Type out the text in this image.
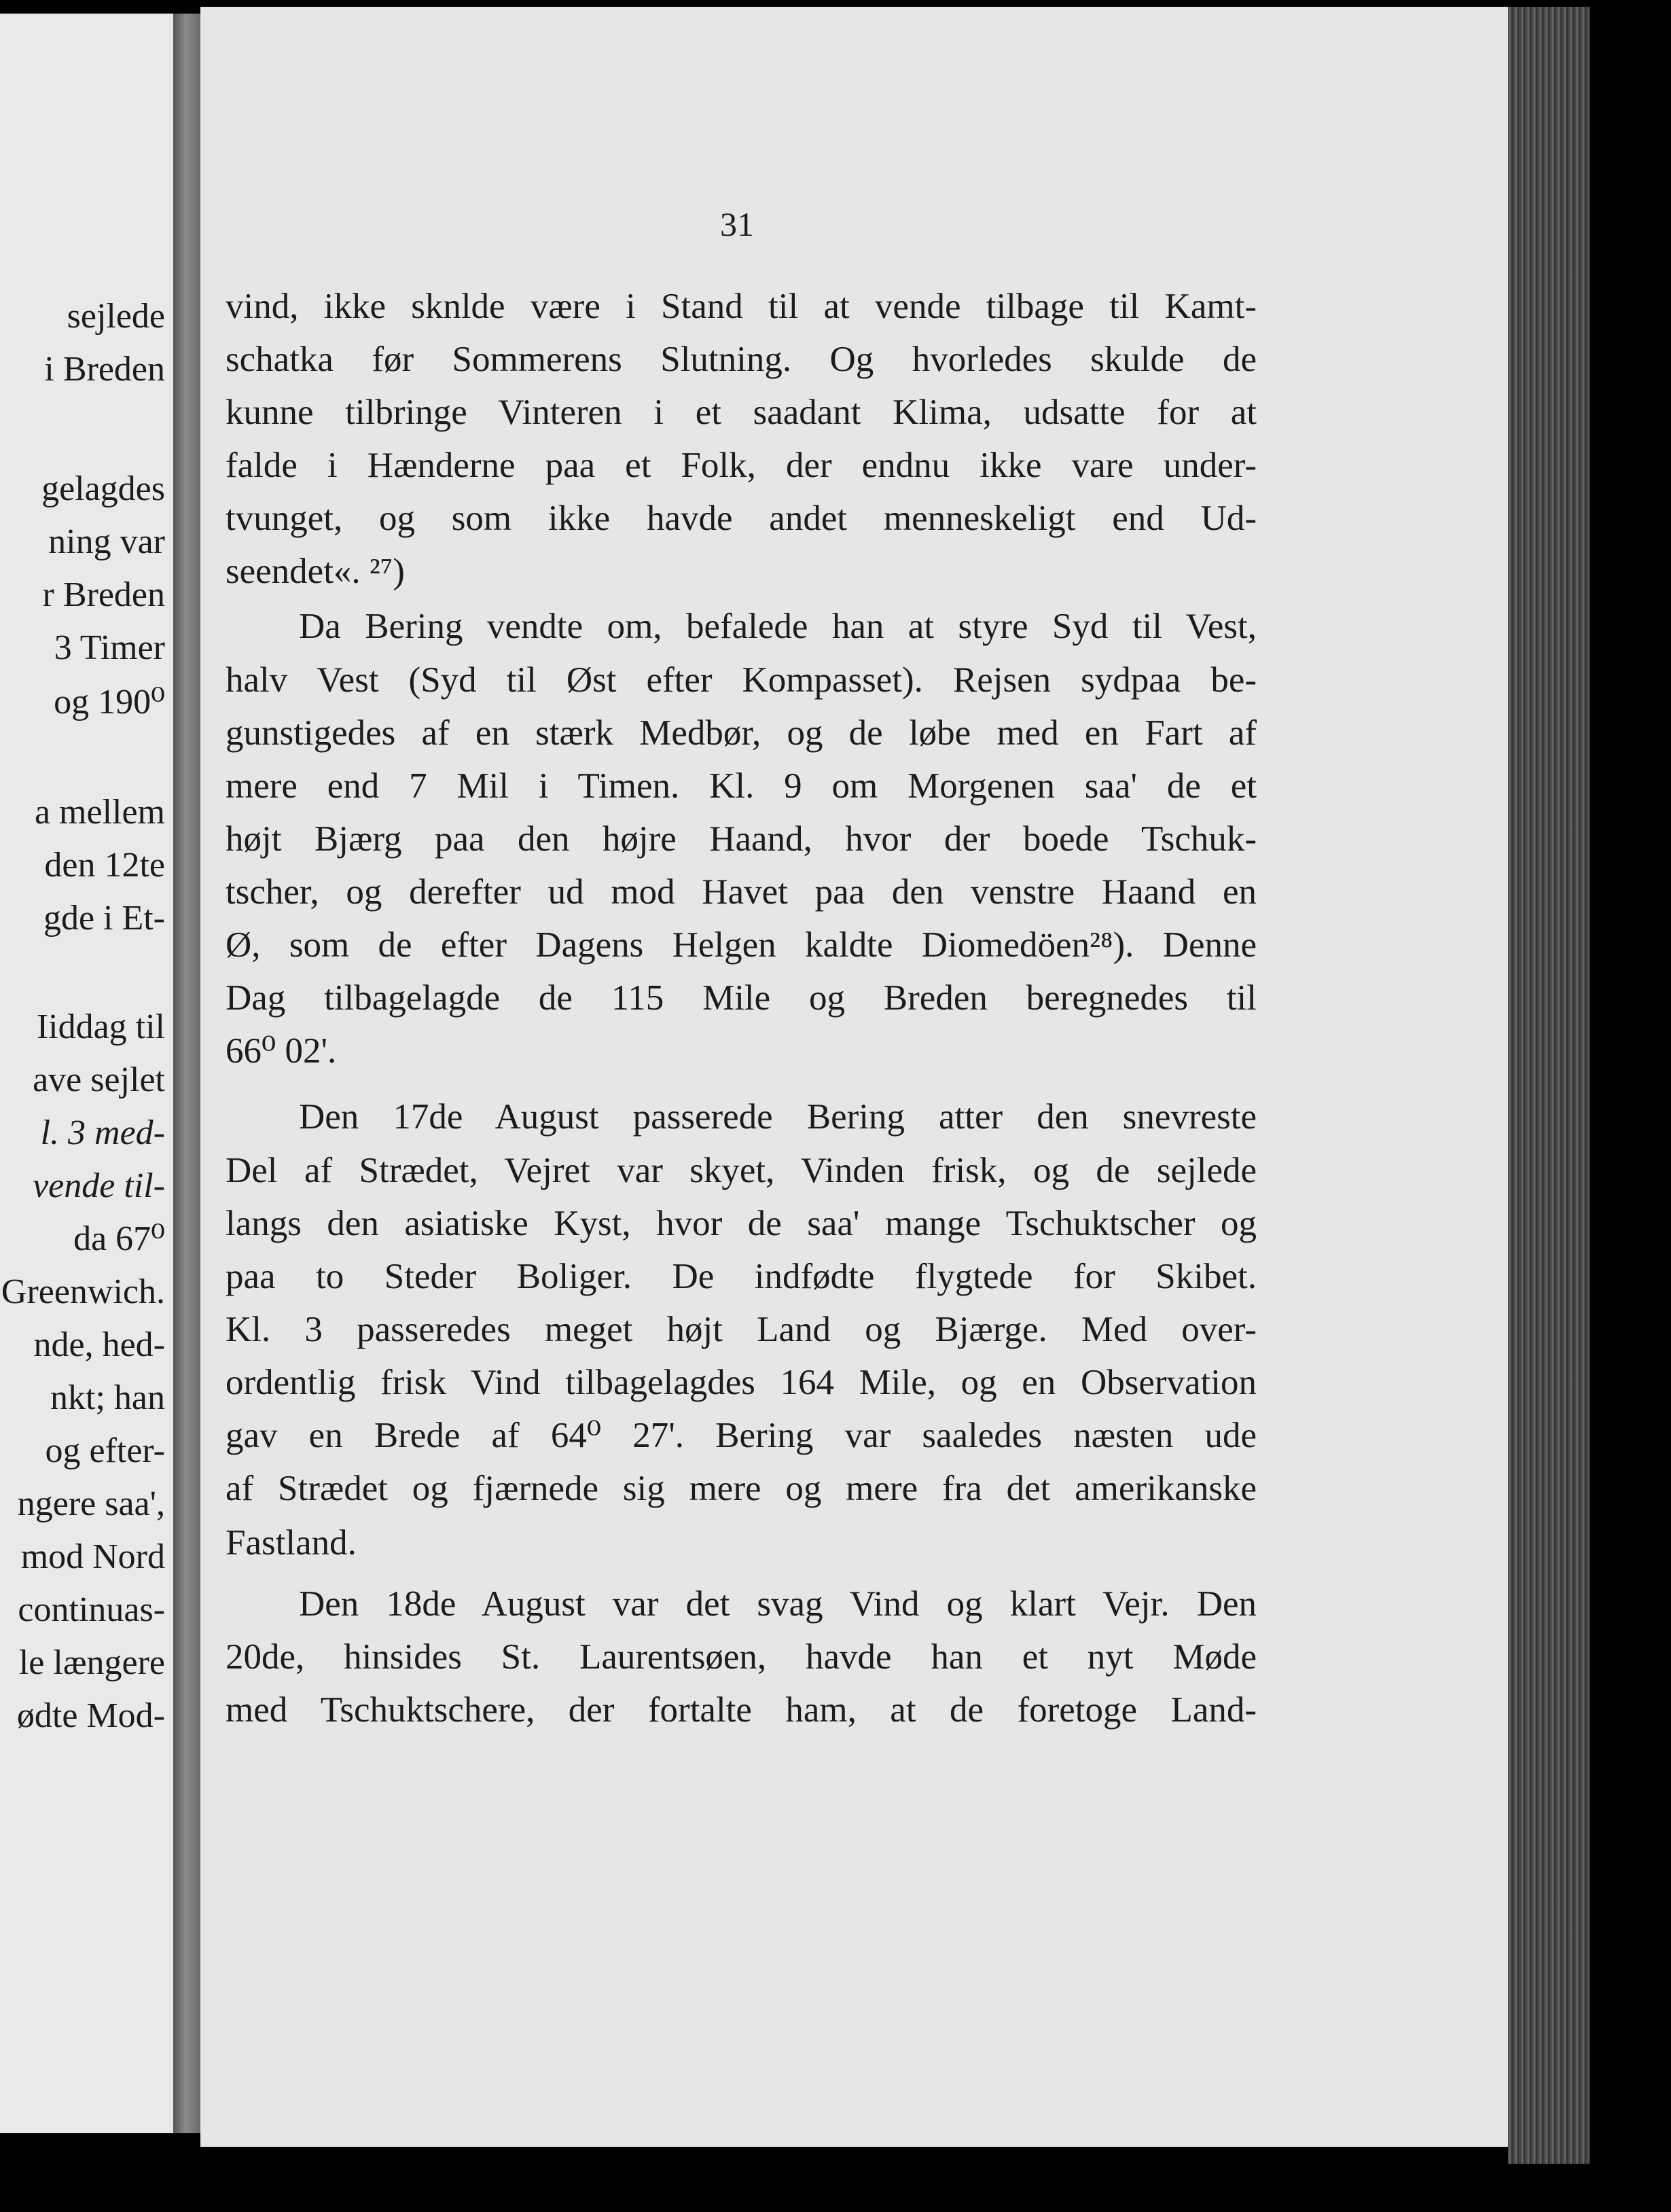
sejlede
i Breden
gelagdes
ning var
r Breden
3 Timer
og 190⁰
a mellem
den 12te
gde i Et-
Iiddag til
ave sejlet
l. 3 med-
vende til-
da 67⁰
Greenwich.
nde, hed-
nkt; han
og efter-
ngere saa',
mod Nord
continuas-
le længere
ødte Mod-
31
vind, ikke sknlde være i Stand til at vende tilbage til Kamt-
schatka før Sommerens Slutning. Og hvorledes skulde de
kunne tilbringe Vinteren i et saadant Klima, udsatte for at
falde i Hænderne paa et Folk, der endnu ikke vare under-
tvunget, og som ikke havde andet menneskeligt end Ud-
seendet«. ²⁷)
Da Bering vendte om, befalede han at styre Syd til Vest,
halv Vest (Syd til Øst efter Kompasset). Rejsen sydpaa be-
gunstigedes af en stærk Medbør, og de løbe med en Fart af
mere end 7 Mil i Timen. Kl. 9 om Morgenen saa' de et
højt Bjærg paa den højre Haand, hvor der boede Tschuk-
tscher, og derefter ud mod Havet paa den venstre Haand en
Ø, som de efter Dagens Helgen kaldte Diomedöen²⁸). Denne
Dag tilbagelagde de 115 Mile og Breden beregnedes til
66⁰ 02'.
Den 17de August passerede Bering atter den snevreste
Del af Strædet, Vejret var skyet, Vinden frisk, og de sejlede
langs den asiatiske Kyst, hvor de saa' mange Tschuktscher og
paa to Steder Boliger. De indfødte flygtede for Skibet.
Kl. 3 passeredes meget højt Land og Bjærge. Med over-
ordentlig frisk Vind tilbagelagdes 164 Mile, og en Observation
gav en Brede af 64⁰ 27'. Bering var saaledes næsten ude
af Strædet og fjærnede sig mere og mere fra det amerikanske
Fastland.
Den 18de August var det svag Vind og klart Vejr. Den
20de, hinsides St. Laurentsøen, havde han et nyt Møde
med Tschuktschere, der fortalte ham, at de foretoge Land-
